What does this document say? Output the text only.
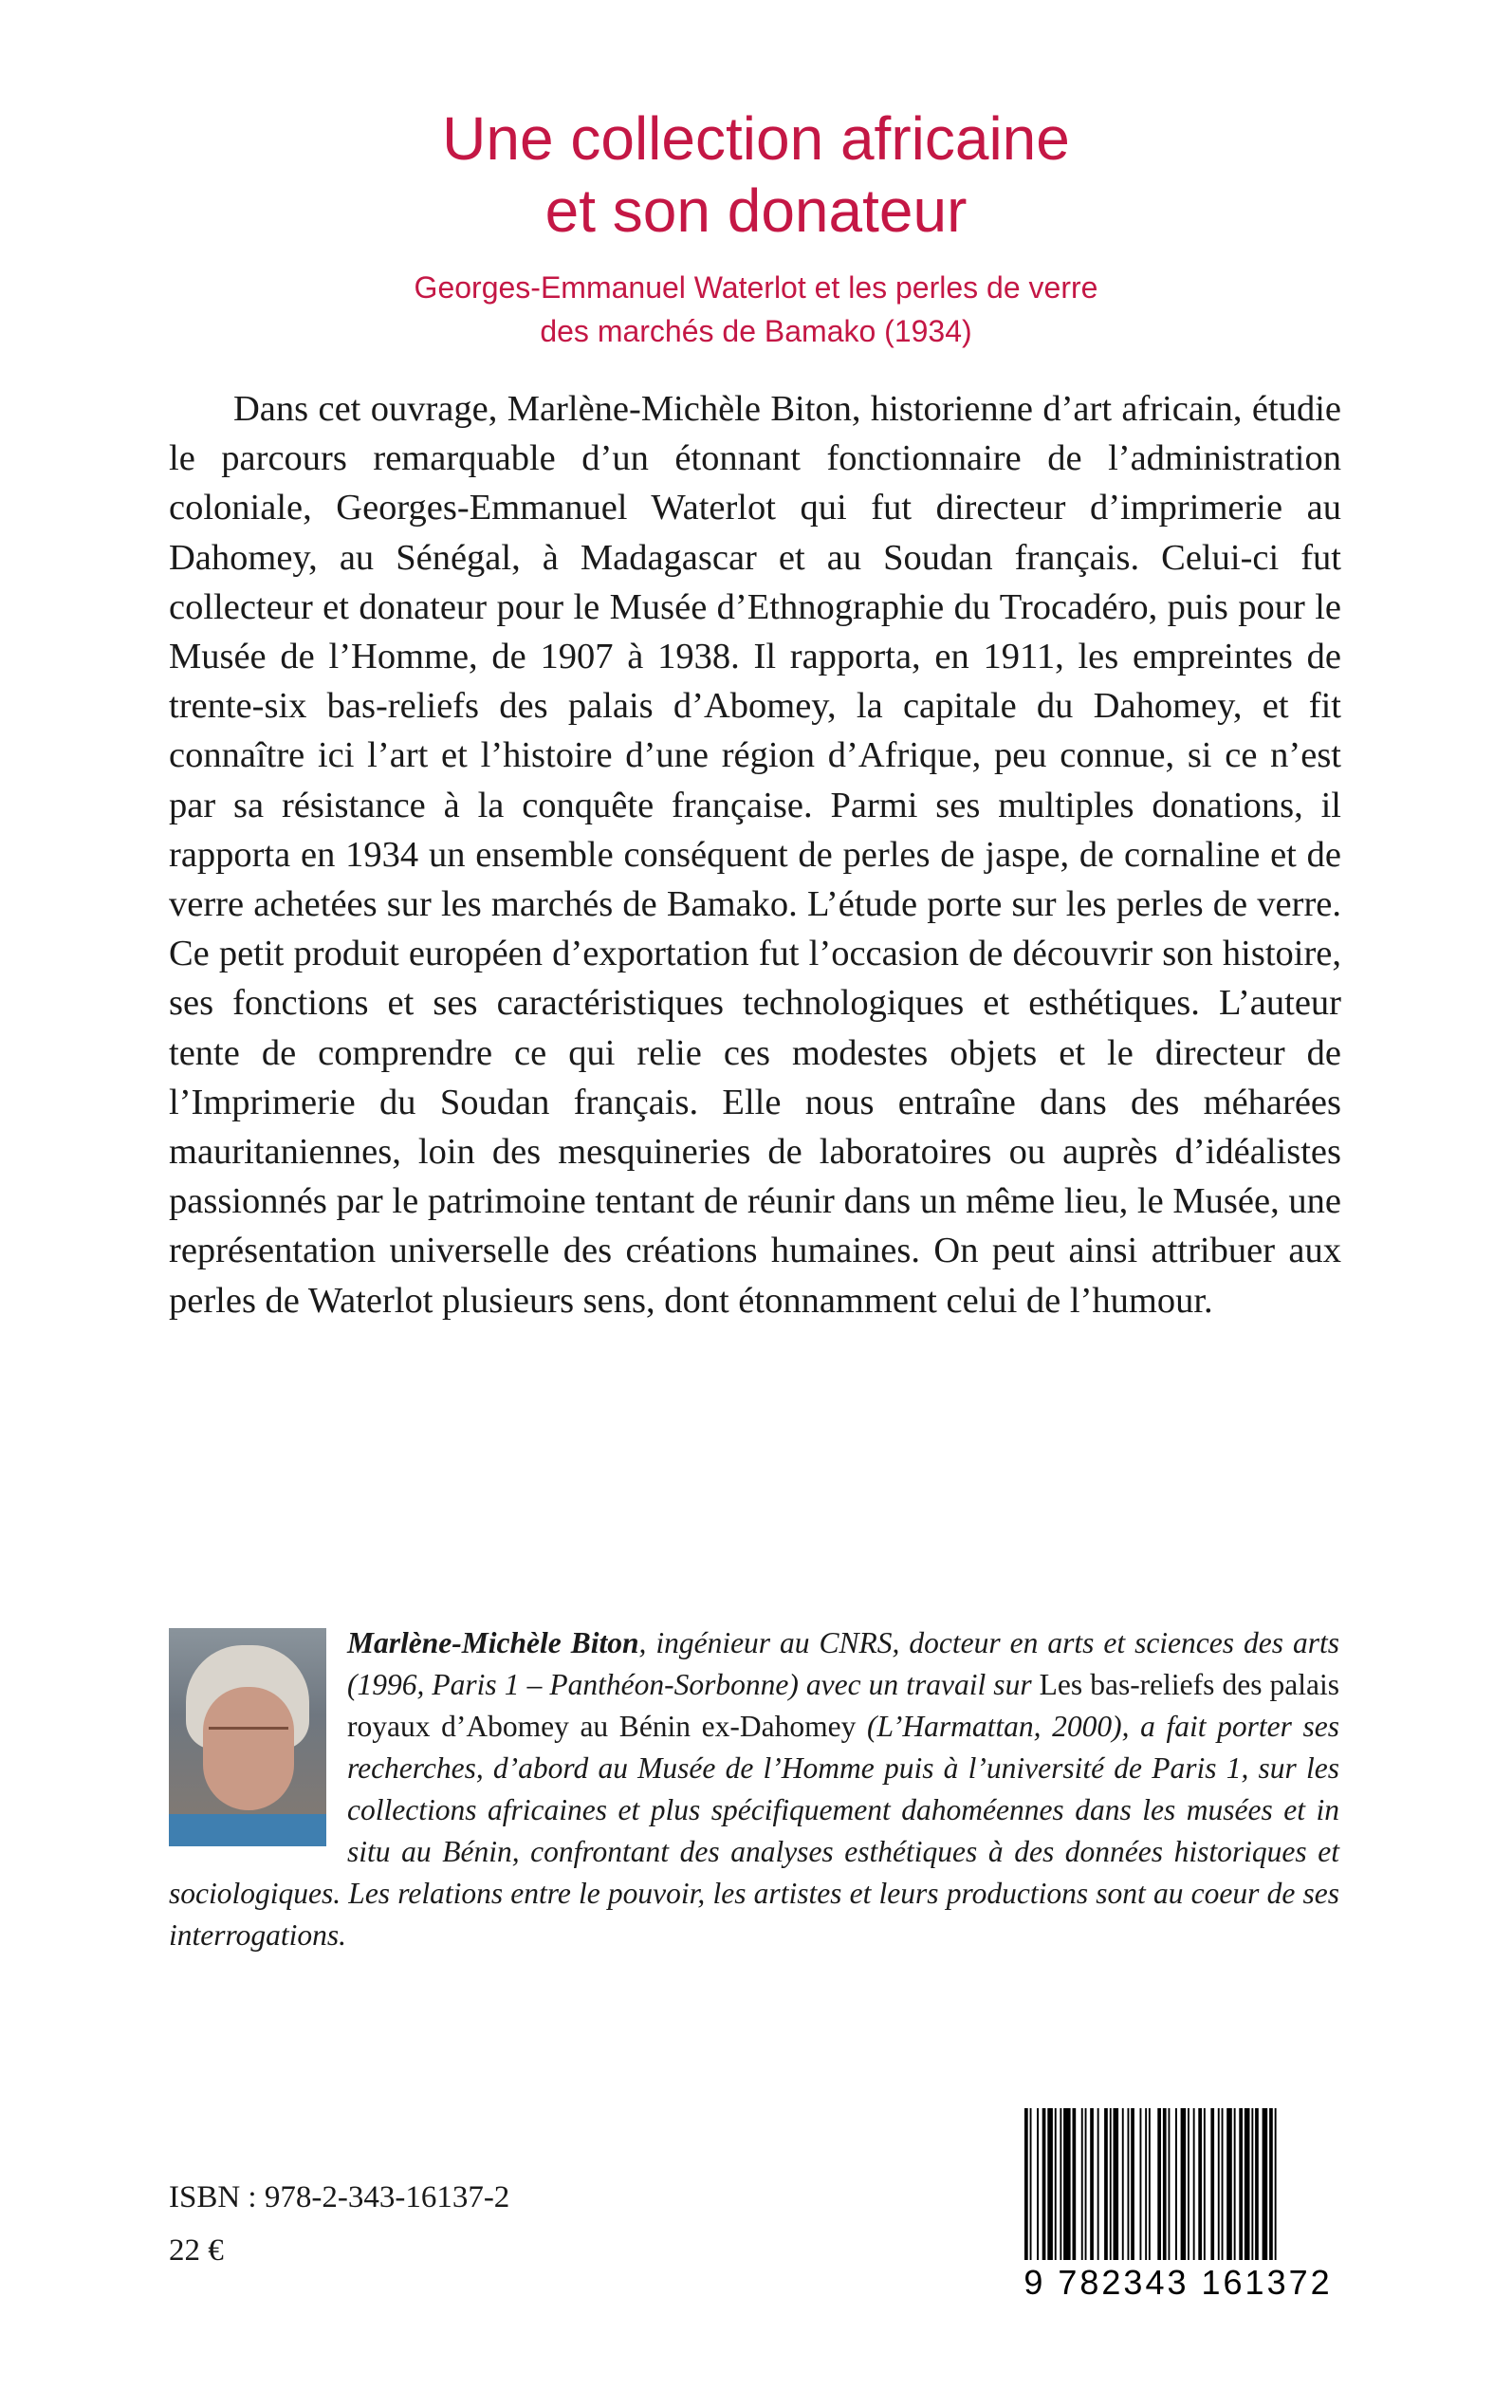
Une collection africaine
et son donateur
Georges-Emmanuel Waterlot et les perles de verre
des marchés de Bamako (1934)

Dans cet ouvrage, Marlène-Michèle Biton, historienne d’art africain, étudie le parcours remarquable d’un étonnant fonctionnaire de l’administration coloniale, Georges-Emmanuel Waterlot qui fut directeur d’imprimerie au Dahomey, au Sénégal, à Madagascar et au Soudan français. Celui-ci fut collecteur et donateur pour le Musée d’Ethnographie du Trocadéro, puis pour le Musée de l’Homme, de 1907 à 1938. Il rapporta, en 1911, les empreintes de trente-six bas-reliefs des palais d’Abomey, la capitale du Dahomey, et fit connaître ici l’art et l’histoire d’une région d’Afrique, peu connue, si ce n’est par sa résistance à la conquête française. Parmi ses multiples donations, il rapporta en 1934 un ensemble conséquent de perles de jaspe, de cornaline et de verre achetées sur les marchés de Bamako. L’étude porte sur les perles de verre. Ce petit produit européen d’exportation fut l’occasion de découvrir son histoire, ses fonctions et ses caractéristiques technologiques et esthétiques. L’auteur tente de comprendre ce qui relie ces modestes objets et le directeur de l’Imprimerie du Soudan français. Elle nous entraîne dans des méharées mauritaniennes, loin des mesquineries de laboratoires ou auprès d’idéalistes passionnés par le patrimoine tentant de réunir dans un même lieu, le Musée, une représentation universelle des créations humaines. On peut ainsi attribuer aux perles de Waterlot plusieurs sens, dont étonnamment celui de l’humour.

Marlène-Michèle Biton, ingénieur au CNRS, docteur en arts et sciences des arts (1996, Paris 1 – Panthéon-Sorbonne) avec un travail sur Les bas-reliefs des palais royaux d’Abomey au Bénin ex-Dahomey (L’Harmattan, 2000), a fait porter ses recherches, d’abord au Musée de l’Homme puis à l’université de Paris 1, sur les collections africaines et plus spécifiquement dahoméennes dans les musées et in situ au Bénin, confrontant des analyses esthétiques à des données historiques et sociologiques. Les relations entre le pouvoir, les artistes et leurs productions sont au coeur de ses interrogations.
ISBN : 978-2-343-16137-2
22 €
9 782343 161372
